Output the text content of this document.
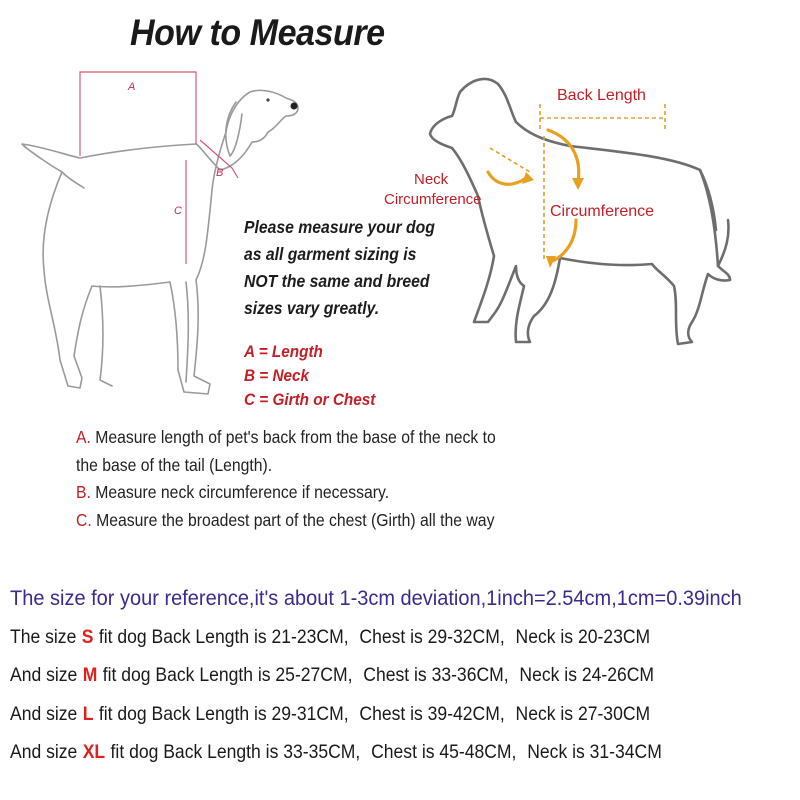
How to Measure
A
B
C
Back Length
Neck
Circumference
Circumference
Please measure your dog
as all garment sizing is
NOT the same and breed
sizes vary greatly.
A = Length
B = Neck
C = Girth or Chest
A. Measure length of pet's back from the base of the neck to
the base of the tail (Length).
B. Measure neck circumference if necessary.
C. Measure the broadest part of the chest (Girth) all the way
The size for your reference,it's about 1-3cm deviation,1inch=2.54cm,1cm=0.39inch
The size S fit dog Back Length is 21-23CM, Chest is 29-32CM, Neck is 20-23CM
And size M fit dog Back Length is 25-27CM, Chest is 33-36CM, Neck is 24-26CM
And size L fit dog Back Length is 29-31CM, Chest is 39-42CM, Neck is 27-30CM
And size XL fit dog Back Length is 33-35CM, Chest is 45-48CM, Neck is 31-34CM
